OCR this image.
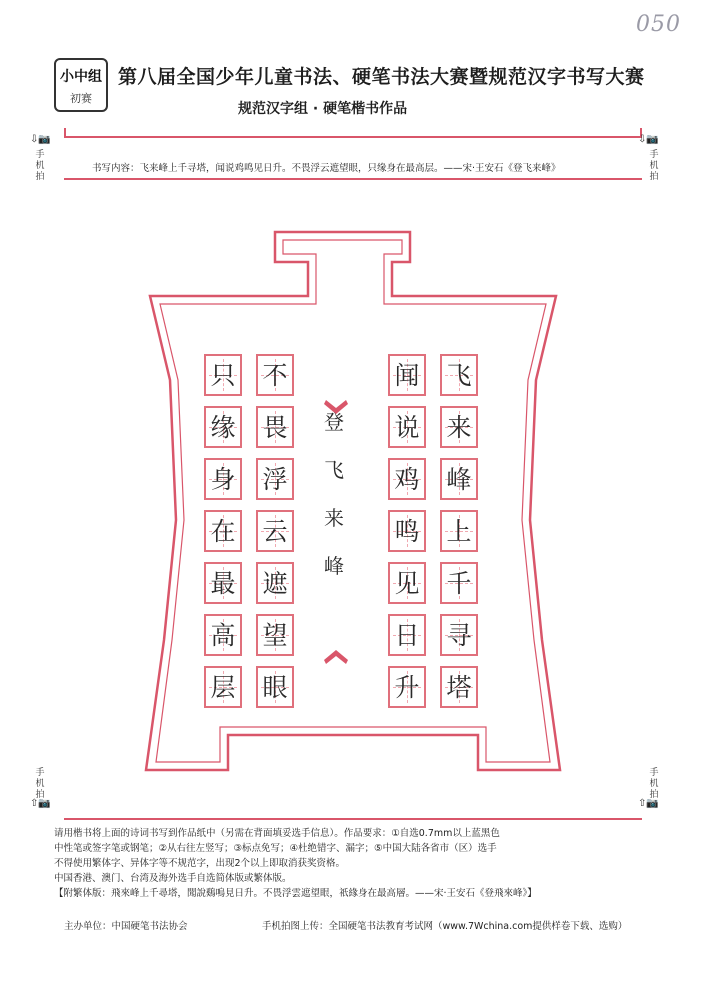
050
小中组
初赛
第八届全国少年儿童书法、硬笔书法大赛暨规范汉字书写大赛
规范汉字组 · 硬笔楷书作品
⇩📷
手机拍
⇩📷
手机拍
手机拍
⇧📷
手机拍
⇧📷
书写内容：飞来峰上千寻塔，闻说鸡鸣见日升。不畏浮云遮望眼，只缘身在最高层。——宋·王安石《登飞来峰》
登
飞
来
峰
飞
来
峰
上
千
寻
塔
闻
说
鸡
鸣
见
日
升
不
畏
浮
云
遮
望
眼
只
缘
身
在
最
高
层
请用楷书将上面的诗词书写到作品纸中（另需在背面填妥选手信息）。作品要求：①自选0.7mm以上蓝黑色
中性笔或签字笔或钢笔；②从右往左竖写；③标点免写；④杜绝错字、漏字；⑤中国大陆各省市（区）选手
不得使用繁体字、异体字等不规范字，出现2个以上即取消获奖资格。
中国香港、澳门、台湾及海外选手自选简体版或繁体版。
【附繁体版：飛來峰上千尋塔，聞說鷄鳴見日升。不畏浮雲遮望眼，祇緣身在最高層。——宋·王安石《登飛來峰》】
主办单位：中国硬笔书法协会	手机拍图上传：全国硬笔书法教育考试网（www.7Wchina.com提供样卷下载、选购）
